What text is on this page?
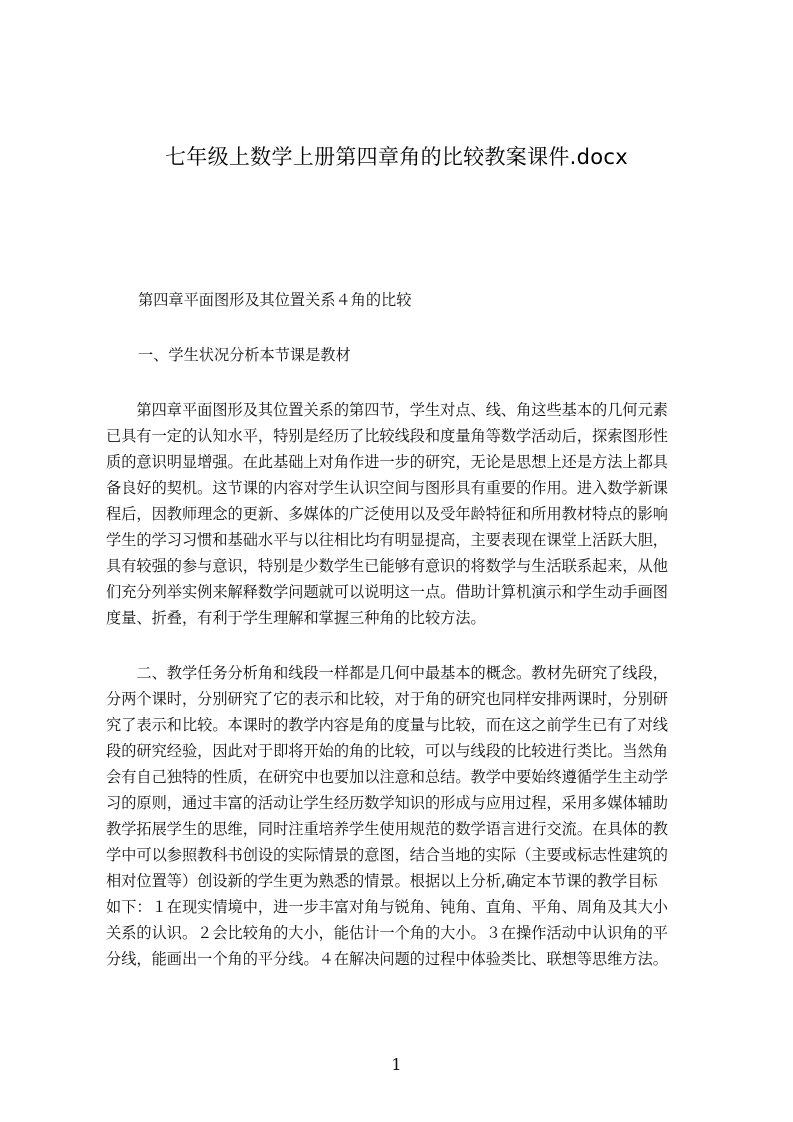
七年级上数学上册第四章角的比较教案课件.docx
第四章平面图形及其位置关系４角的比较
一、学生状况分析本节课是教材
　　第四章平面图形及其位置关系的第四节，学生对点、线、角这些基本的几何元素
已具有一定的认知水平，特别是经历了比较线段和度量角等数学活动后，探索图形性
质的意识明显增强。在此基础上对角作进一步的研究，无论是思想上还是方法上都具
备良好的契机。这节课的内容对学生认识空间与图形具有重要的作用。进入数学新课
程后，因教师理念的更新、多媒体的广泛使用以及受年龄特征和所用教材特点的影响
学生的学习习惯和基础水平与以往相比均有明显提高，主要表现在课堂上活跃大胆，
具有较强的参与意识，特别是少数学生已能够有意识的将数学与生活联系起来，从他
们充分列举实例来解释数学问题就可以说明这一点。借助计算机演示和学生动手画图
度量、折叠，有利于学生理解和掌握三种角的比较方法。
　　二、教学任务分析角和线段一样都是几何中最基本的概念。教材先研究了线段，
分两个课时，分别研究了它的表示和比较，对于角的研究也同样安排两课时，分别研
究了表示和比较。本课时的教学内容是角的度量与比较，而在这之前学生已有了对线
段的研究经验，因此对于即将开始的角的比较，可以与线段的比较进行类比。当然角
会有自己独特的性质，在研究中也要加以注意和总结。教学中要始终遵循学生主动学
习的原则，通过丰富的活动让学生经历数学知识的形成与应用过程，采用多媒体辅助
教学拓展学生的思维，同时注重培养学生使用规范的数学语言进行交流。在具体的教
学中可以参照教科书创设的实际情景的意图，结合当地的实际（主要或标志性建筑的
相对位置等）创设新的学生更为熟悉的情景。根据以上分析,确定本节课的教学目标
如下：１在现实情境中，进一步丰富对角与锐角、钝角、直角、平角、周角及其大小
关系的认识。２会比较角的大小，能估计一个角的大小。３在操作活动中认识角的平
分线，能画出一个角的平分线。４在解决问题的过程中体验类比、联想等思维方法。
1
